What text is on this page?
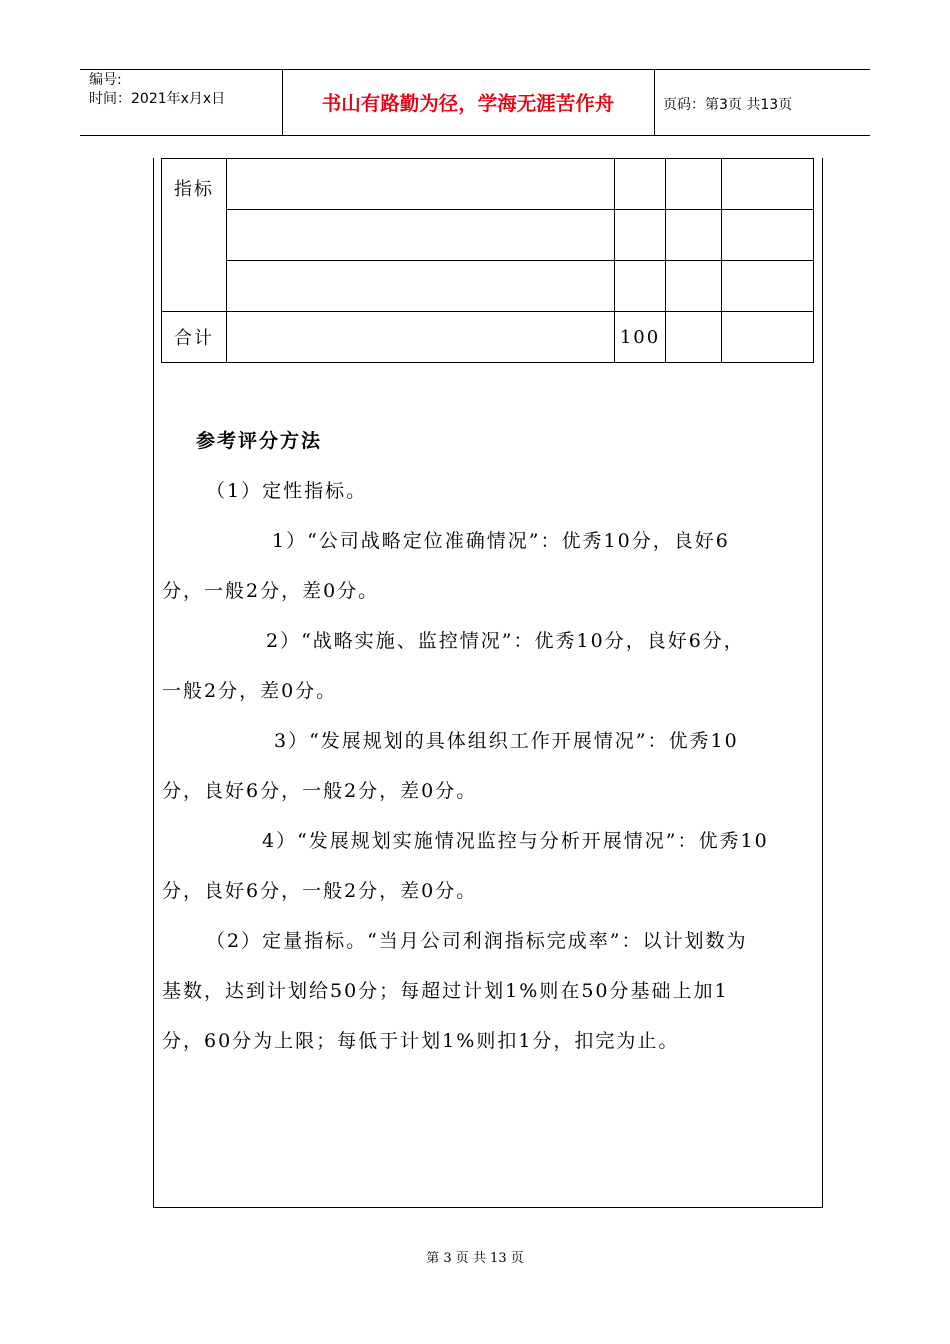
编号:
时间：2021年x月x日	书山有路勤为径，学海无涯苦作舟	页码：第3页 共13页
指标				

合计		100		
参考评分方法
（1）定性指标。
1）“公司战略定位准确情况”：优秀10分，良好6
分，一般2分，差0分。
2）“战略实施、监控情况”：优秀10分，良好6分，
一般2分，差0分。
3）“发展规划的具体组织工作开展情况”：优秀10
分，良好6分，一般2分，差0分。
4）“发展规划实施情况监控与分析开展情况”：优秀10
分，良好6分，一般2分，差0分。
（2）定量指标。“当月公司利润指标完成率”：以计划数为
基数，达到计划给50分；每超过计划1%则在50分基础上加1
分，60分为上限；每低于计划1%则扣1分，扣完为止。
第 3 页 共 13 页
